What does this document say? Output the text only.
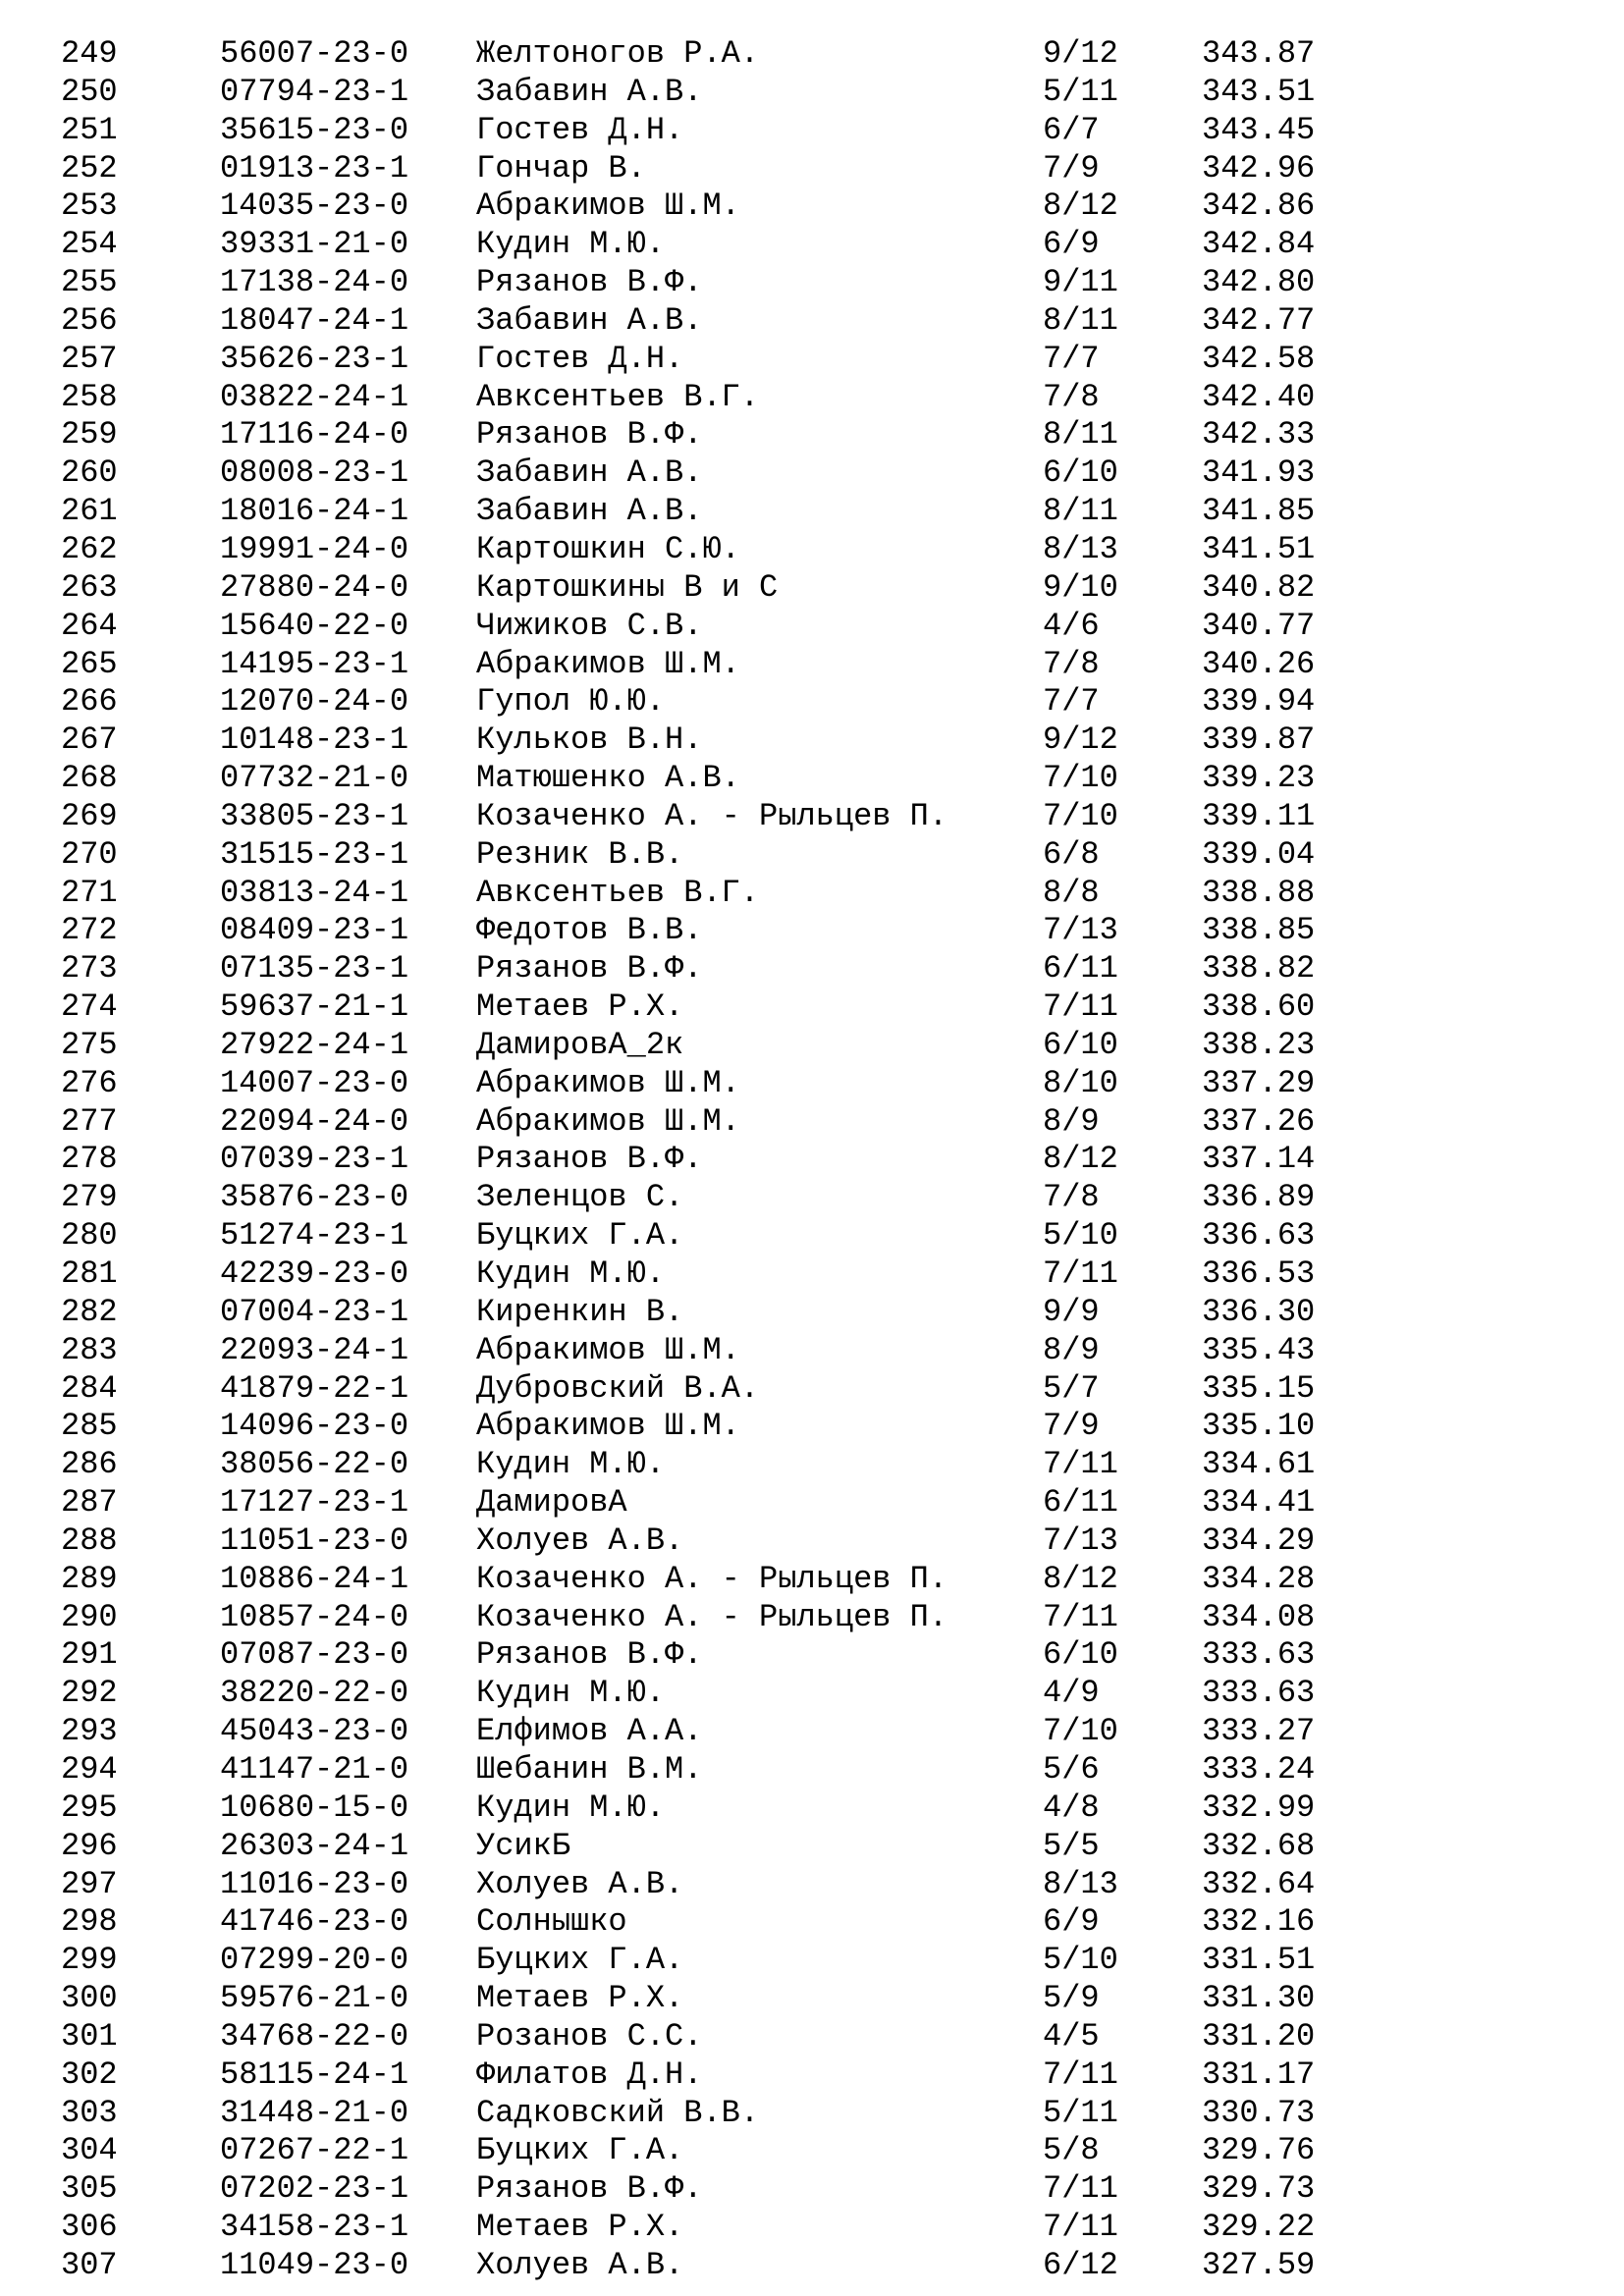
249	56007-23-0	Желтоногов Р.А.	9/12	343.87
250	07794-23-1	Забавин А.В.	5/11	343.51
251	35615-23-0	Гостев Д.Н.	6/7	343.45
252	01913-23-1	Гончар В.	7/9	342.96
253	14035-23-0	Абракимов Ш.М.	8/12	342.86
254	39331-21-0	Кудин М.Ю.	6/9	342.84
255	17138-24-0	Рязанов В.Ф.	9/11	342.80
256	18047-24-1	Забавин А.В.	8/11	342.77
257	35626-23-1	Гостев Д.Н.	7/7	342.58
258	03822-24-1	Авксентьев В.Г.	7/8	342.40
259	17116-24-0	Рязанов В.Ф.	8/11	342.33
260	08008-23-1	Забавин А.В.	6/10	341.93
261	18016-24-1	Забавин А.В.	8/11	341.85
262	19991-24-0	Картошкин С.Ю.	8/13	341.51
263	27880-24-0	Картошкины В и С	9/10	340.82
264	15640-22-0	Чижиков С.В.	4/6	340.77
265	14195-23-1	Абракимов Ш.М.	7/8	340.26
266	12070-24-0	Гупол Ю.Ю.	7/7	339.94
267	10148-23-1	Кульков В.Н.	9/12	339.87
268	07732-21-0	Матюшенко А.В.	7/10	339.23
269	33805-23-1	Козаченко А. - Рыльцев П.	7/10	339.11
270	31515-23-1	Резник В.В.	6/8	339.04
271	03813-24-1	Авксентьев В.Г.	8/8	338.88
272	08409-23-1	Федотов В.В.	7/13	338.85
273	07135-23-1	Рязанов В.Ф.	6/11	338.82
274	59637-21-1	Метаев Р.Х.	7/11	338.60
275	27922-24-1	ДамировА_2к	6/10	338.23
276	14007-23-0	Абракимов Ш.М.	8/10	337.29
277	22094-24-0	Абракимов Ш.М.	8/9	337.26
278	07039-23-1	Рязанов В.Ф.	8/12	337.14
279	35876-23-0	Зеленцов С.	7/8	336.89
280	51274-23-1	Буцких Г.А.	5/10	336.63
281	42239-23-0	Кудин М.Ю.	7/11	336.53
282	07004-23-1	Киренкин В.	9/9	336.30
283	22093-24-1	Абракимов Ш.М.	8/9	335.43
284	41879-22-1	Дубровский В.А.	5/7	335.15
285	14096-23-0	Абракимов Ш.М.	7/9	335.10
286	38056-22-0	Кудин М.Ю.	7/11	334.61
287	17127-23-1	ДамировА	6/11	334.41
288	11051-23-0	Холуев А.В.	7/13	334.29
289	10886-24-1	Козаченко А. - Рыльцев П.	8/12	334.28
290	10857-24-0	Козаченко А. - Рыльцев П.	7/11	334.08
291	07087-23-0	Рязанов В.Ф.	6/10	333.63
292	38220-22-0	Кудин М.Ю.	4/9	333.63
293	45043-23-0	Елфимов А.А.	7/10	333.27
294	41147-21-0	Шебанин В.М.	5/6	333.24
295	10680-15-0	Кудин М.Ю.	4/8	332.99
296	26303-24-1	УсикБ	5/5	332.68
297	11016-23-0	Холуев А.В.	8/13	332.64
298	41746-23-0	Солнышко	6/9	332.16
299	07299-20-0	Буцких Г.А.	5/10	331.51
300	59576-21-0	Метаев Р.Х.	5/9	331.30
301	34768-22-0	Розанов С.С.	4/5	331.20
302	58115-24-1	Филатов Д.Н.	7/11	331.17
303	31448-21-0	Садковский В.В.	5/11	330.73
304	07267-22-1	Буцких Г.А.	5/8	329.76
305	07202-23-1	Рязанов В.Ф.	7/11	329.73
306	34158-23-1	Метаев Р.Х.	7/11	329.22
307	11049-23-0	Холуев А.В.	6/12	327.59
